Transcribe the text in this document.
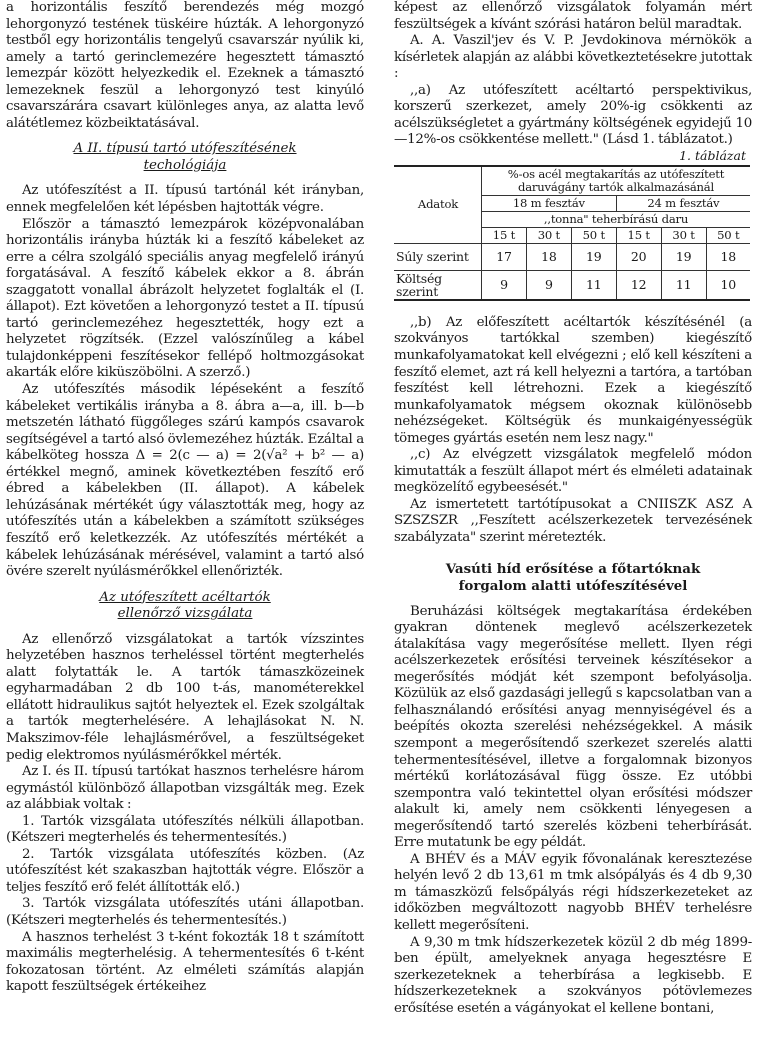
a horizontális feszítő berendezés még mozgó lehorgonyzó testének tüskéire húzták. A lehorgonyzó testből egy horizontális tengelyű csavarszár nyúlik ki, amely a tartó gerinclemezére hegesztett támasztó lemezpár között helyezkedik el. Ezeknek a támasztó lemezeknek feszül a lehorgonyzó test kinyúló csavarszárára csavart különleges anya, az alatta levő alátétlemez közbeiktatásával.

A II. típusú tartó utófeszítésének

techológiája

Az utófeszítést a II. típusú tartónál két irányban, ennek megfelelően két lépésben hajtották végre.

Először a támasztó lemezpárok középvonalában horizontális irányba húzták ki a feszítő kábeleket az erre a célra szolgáló speciális anyag megfelelő irányú forgatásával. A feszítő kábelek ekkor a 8. ábrán szaggatott vonallal ábrázolt helyzetet foglalták el (I. állapot). Ezt követően a lehorgonyzó testet a II. típusú tartó gerinclemezéhez hegesztették, hogy ezt a helyzetet rögzítsék. (Ezzel valószínűleg a kábel tulajdonképpeni feszítésekor fellépő holtmozgásokat akarták előre kiküszöbölni. A szerző.)

Az utófeszítés második lépéseként a feszítő kábeleket vertikális irányba a 8. ábra a—a, ill. b—b metszetén látható függőleges szárú kampós csavarok segítségével a tartó alsó övlemezéhez húzták. Ezáltal a kábelköteg hossza Δ = 2(c — a) = 2(√a² + b² — a) értékkel megnő, aminek következtében feszítő erő ébred a kábelekben (II. állapot). A kábelek lehúzásának mértékét úgy választották meg, hogy az utófeszítés után a kábelekben a számított szükséges feszítő erő keletkezzék. Az utófeszítés mértékét a kábelek lehúzásának mérésével, valamint a tartó alsó övére szerelt nyúlásmérőkkel ellenőrizték.

Az utófeszített acéltartók

ellenőrző vizsgálata

Az ellenőrző vizsgálatokat a tartók vízszintes helyzetében hasznos terheléssel történt megterhelés alatt folytatták le. A tartók támaszközeinek egyharmadában 2 db 100 t-ás, manométerekkel ellátott hidraulikus sajtót helyeztek el. Ezek szolgáltak a tartók megterhelésére. A lehajlásokat N. N. Makszimov-féle lehajlásmérővel, a feszültségeket pedig elektromos nyúlásmérőkkel mérték.

Az I. és II. típusú tartókat hasznos terhelésre három egymástól különböző állapotban vizsgálták meg. Ezek az alábbiak voltak :

1. Tartók vizsgálata utófeszítés nélküli állapotban. (Kétszeri megterhelés és tehermentesítés.)

2. Tartók vizsgálata utófeszítés közben. (Az utófeszítést két szakaszban hajtották végre. Először a teljes feszítő erő felét állították elő.)

3. Tartók vizsgálata utófeszítés utáni állapotban. (Kétszeri megterhelés és tehermentesítés.)

A hasznos terhelést 3 t-ként fokozták 18 t számított maximális megterhelésig. A tehermentesítés 6 t-ként fokozatosan történt. Az elméleti számítás alapján kapott feszültségek értékeihez

képest az ellenőrző vizsgálatok folyamán mért feszültségek a kívánt szórási határon belül maradtak.

A. A. Vaszil'jev és V. P. Jevdokinova mérnökök a kísérletek alapján az alábbi következtetésekre jutottak :

,,a) Az utófeszített acéltartó perspektivikus, korszerű szerkezet, amely 20%-ig csökkenti az acélszükségletet a gyártmány költségének egyidejű 10—12%-os csökkentése mellett." (Lásd 1. táblázatot.)

1. táblázat
Adatok	%-os acél megtakarítás az utófeszített daruvágány tartók alkalmazásánál					
	18 m fesztáv			24 m fesztáv		
	,,tonna" teherbírású daru					
	15 t	30 t	50 t	15 t	30 t	50 t
Súly szerint	17	18	19	20	19	18
Költség szerint	9	9	11	12	11	10

,,b) Az előfeszített acéltartók készítésénél (a szokványos tartókkal szemben) kiegészítő munkafolyamatokat kell elvégezni ; elő kell készíteni a feszítő elemet, azt rá kell helyezni a tartóra, a tartóban feszítést kell létrehozni. Ezek a kiegészítő munkafolyamatok mégsem okoznak különösebb nehézségeket. Költségük és munkaigényességük tömeges gyártás esetén nem lesz nagy."

,,c) Az elvégzett vizsgálatok megfelelő módon kimutatták a feszült állapot mért és elméleti adatainak megközelítő egybeesését."

Az ismertetett tartótípusokat a CNIISZK ASZ A SZSZSZR ,,Feszített acélszerkezetek tervezésének szabályzata" szerint méretezték.

Vasúti híd erősítése a főtartóknak

forgalom alatti utófeszítésével

Beruházási költségek megtakarítása érdekében gyakran döntenek meglevő acélszerkezetek átalakítása vagy megerősítése mellett. Ilyen régi acélszerkezetek erősítési terveinek készítésekor a megerősítés módját két szempont befolyásolja. Közülük az első gazdasági jellegű s kapcsolatban van a felhasználandó erősítési anyag mennyiségével és a beépítés okozta szerelési nehézségekkel. A másik szempont a megerősítendő szerkezet szerelés alatti tehermentesítésével, illetve a forgalomnak bizonyos mértékű korlátozásával függ össze. Ez utóbbi szempontra való tekintettel olyan erősítési módszer alakult ki, amely nem csökkenti lényegesen a megerősítendő tartó szerelés közbeni teherbírását. Erre mutatunk be egy példát.

A BHÉV és a MÁV egyik fővonalának keresztezése helyén levő 2 db 13,61 m tmk alsópályás és 4 db 9,30 m támaszközű felsőpályás régi hídszerkezeteket az időközben megváltozott nagyobb BHÉV terhelésre kellett megerősíteni.

A 9,30 m tmk hídszerkezetek közül 2 db még 1899-ben épült, amelyeknek anyaga hegesztésre E szerkezeteknek a teherbírása a legkisebb. E hídszerkezeteknek a szokványos pótövlemezes erősítése esetén a vágányokat el kellene bontani,
